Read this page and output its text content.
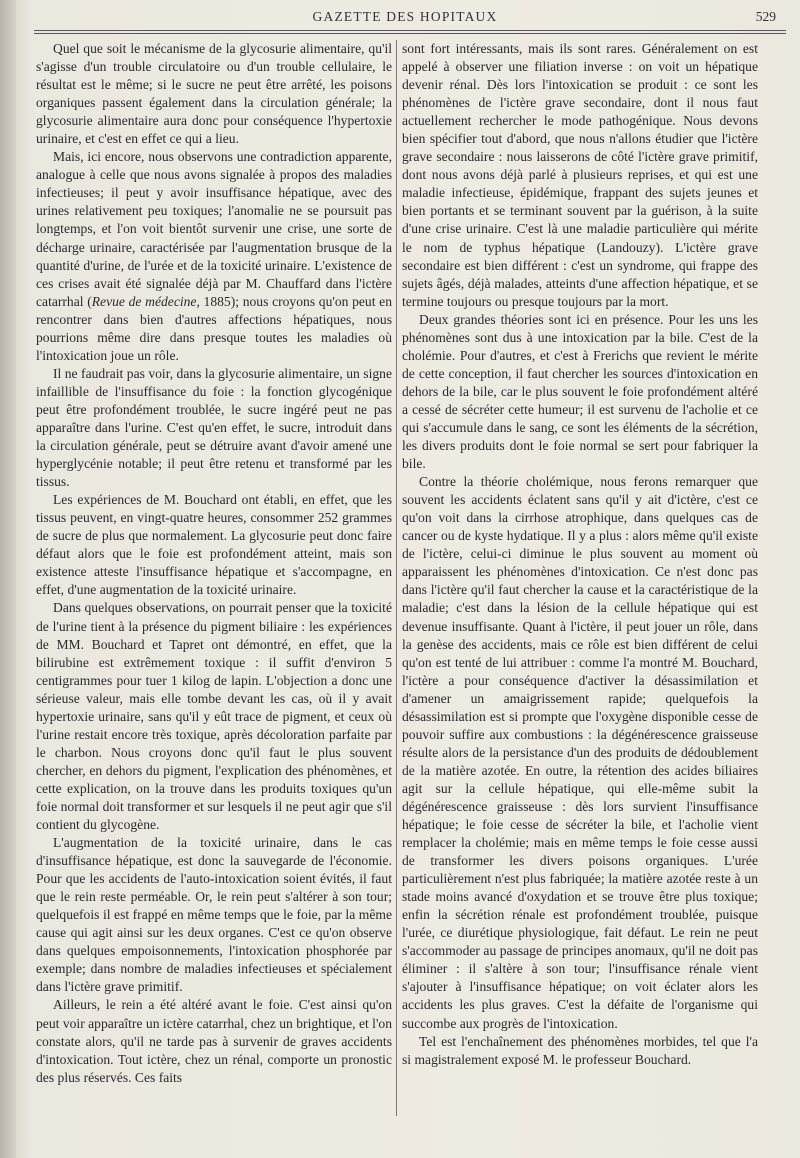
GAZETTE DES HOPITAUX	529

Quel que soit le mécanisme de la glycosurie alimentaire, qu'il s'agisse d'un trouble circulatoire ou d'un trouble cellulaire, le résultat est le même; si le sucre ne peut être arrêté, les poisons organiques passent également dans la circulation générale; la glycosurie alimentaire aura donc pour conséquence l'hypertoxie urinaire, et c'est en effet ce qui a lieu.

Mais, ici encore, nous observons une contradiction apparente, analogue à celle que nous avons signalée à propos des maladies infectieuses; il peut y avoir insuffisance hépatique, avec des urines relativement peu toxiques; l'anomalie ne se poursuit pas longtemps, et l'on voit bientôt survenir une crise, une sorte de décharge urinaire, caractérisée par l'augmentation brusque de la quantité d'urine, de l'urée et de la toxicité urinaire. L'existence de ces crises avait été signalée déjà par M. Chauffard dans l'ictère catarrhal (Revue de médecine, 1885); nous croyons qu'on peut en rencontrer dans bien d'autres affections hépatiques, nous pourrions même dire dans presque toutes les maladies où l'intoxication joue un rôle.

Il ne faudrait pas voir, dans la glycosurie alimentaire, un signe infaillible de l'insuffisance du foie : la fonction glycogénique peut être profondément troublée, le sucre ingéré peut ne pas apparaître dans l'urine. C'est qu'en effet, le sucre, introduit dans la circulation générale, peut se détruire avant d'avoir amené une hyperglycénie notable; il peut être retenu et transformé par les tissus.

Les expériences de M. Bouchard ont établi, en effet, que les tissus peuvent, en vingt-quatre heures, consommer 252 grammes de sucre de plus que normalement. La glycosurie peut donc faire défaut alors que le foie est profondément atteint, mais son existence atteste l'insuffisance hépatique et s'accompagne, en effet, d'une augmentation de la toxicité urinaire.

Dans quelques observations, on pourrait penser que la toxicité de l'urine tient à la présence du pigment biliaire : les expériences de MM. Bouchard et Tapret ont démontré, en effet, que la bilirubine est extrêmement toxique : il suffit d'environ 5 centigrammes pour tuer 1 kilog de lapin. L'objection a donc une sérieuse valeur, mais elle tombe devant les cas, où il y avait hypertoxie urinaire, sans qu'il y eût trace de pigment, et ceux où l'urine restait encore très toxique, après décoloration parfaite par le charbon. Nous croyons donc qu'il faut le plus souvent chercher, en dehors du pigment, l'explication des phénomènes, et cette explication, on la trouve dans les produits toxiques qu'un foie normal doit transformer et sur lesquels il ne peut agir que s'il contient du glycogène.

L'augmentation de la toxicité urinaire, dans le cas d'insuffisance hépatique, est donc la sauvegarde de l'économie. Pour que les accidents de l'auto-intoxication soient évités, il faut que le rein reste perméable. Or, le rein peut s'altérer à son tour; quelquefois il est frappé en même temps que le foie, par la même cause qui agit ainsi sur les deux organes. C'est ce qu'on observe dans quelques empoisonnements, l'intoxication phosphorée par exemple; dans nombre de maladies infectieuses et spécialement dans l'ictère grave primitif.

Ailleurs, le rein a été altéré avant le foie. C'est ainsi qu'on peut voir apparaître un ictère catarrhal, chez un brightique, et l'on constate alors, qu'il ne tarde pas à survenir de graves accidents d'intoxication. Tout ictère, chez un rénal, comporte un pronostic des plus réservés. Ces faits

sont fort intéressants, mais ils sont rares. Généralement on est appelé à observer une filiation inverse : on voit un hépatique devenir rénal. Dès lors l'intoxication se produit : ce sont les phénomènes de l'ictère grave secondaire, dont il nous faut actuellement rechercher le mode pathogénique. Nous devons bien spécifier tout d'abord, que nous n'allons étudier que l'ictère grave secondaire : nous laisserons de côté l'ictère grave primitif, dont nous avons déjà parlé à plusieurs reprises, et qui est une maladie infectieuse, épidémique, frappant des sujets jeunes et bien portants et se terminant souvent par la guérison, à la suite d'une crise urinaire. C'est là une maladie particulière qui mérite le nom de typhus hépatique (Landouzy). L'ictère grave secondaire est bien différent : c'est un syndrome, qui frappe des sujets âgés, déjà malades, atteints d'une affection hépatique, et se termine toujours ou presque toujours par la mort.

Deux grandes théories sont ici en présence. Pour les uns les phénomènes sont dus à une intoxication par la bile. C'est de la cholémie. Pour d'autres, et c'est à Frerichs que revient le mérite de cette conception, il faut chercher les sources d'intoxication en dehors de la bile, car le plus souvent le foie profondément altéré a cessé de sécréter cette humeur; il est survenu de l'acholie et ce qui s'accumule dans le sang, ce sont les éléments de la sécrétion, les divers produits dont le foie normal se sert pour fabriquer la bile.

Contre la théorie cholémique, nous ferons remarquer que souvent les accidents éclatent sans qu'il y ait d'ictère, c'est ce qu'on voit dans la cirrhose atrophique, dans quelques cas de cancer ou de kyste hydatique. Il y a plus : alors même qu'il existe de l'ictère, celui-ci diminue le plus souvent au moment où apparaissent les phénomènes d'intoxication. Ce n'est donc pas dans l'ictère qu'il faut chercher la cause et la caractéristique de la maladie; c'est dans la lésion de la cellule hépatique qui est devenue insuffisante. Quant à l'ictère, il peut jouer un rôle, dans la genèse des accidents, mais ce rôle est bien différent de celui qu'on est tenté de lui attribuer : comme l'a montré M. Bouchard, l'ictère a pour conséquence d'activer la désassimilation et d'amener un amaigrissement rapide; quelquefois la désassimilation est si prompte que l'oxygène disponible cesse de pouvoir suffire aux combustions : la dégénérescence graisseuse résulte alors de la persistance d'un des produits de dédoublement de la matière azotée. En outre, la rétention des acides biliaires agit sur la cellule hépatique, qui elle-même subit la dégénérescence graisseuse : dès lors survient l'insuffisance hépatique; le foie cesse de sécréter la bile, et l'acholie vient remplacer la cholémie; mais en même temps le foie cesse aussi de transformer les divers poisons organiques. L'urée particulièrement n'est plus fabriquée; la matière azotée reste à un stade moins avancé d'oxydation et se trouve être plus toxique; enfin la sécrétion rénale est profondément troublée, puisque l'urée, ce diurétique physiologique, fait défaut. Le rein ne peut s'accommoder au passage de principes anomaux, qu'il ne doit pas éliminer : il s'altère à son tour; l'insuffisance rénale vient s'ajouter à l'insuffisance hépatique; on voit éclater alors les accidents les plus graves. C'est la défaite de l'organisme qui succombe aux progrès de l'intoxication.

Tel est l'enchaînement des phénomènes morbides, tel que l'a si magistralement exposé M. le professeur Bouchard.
